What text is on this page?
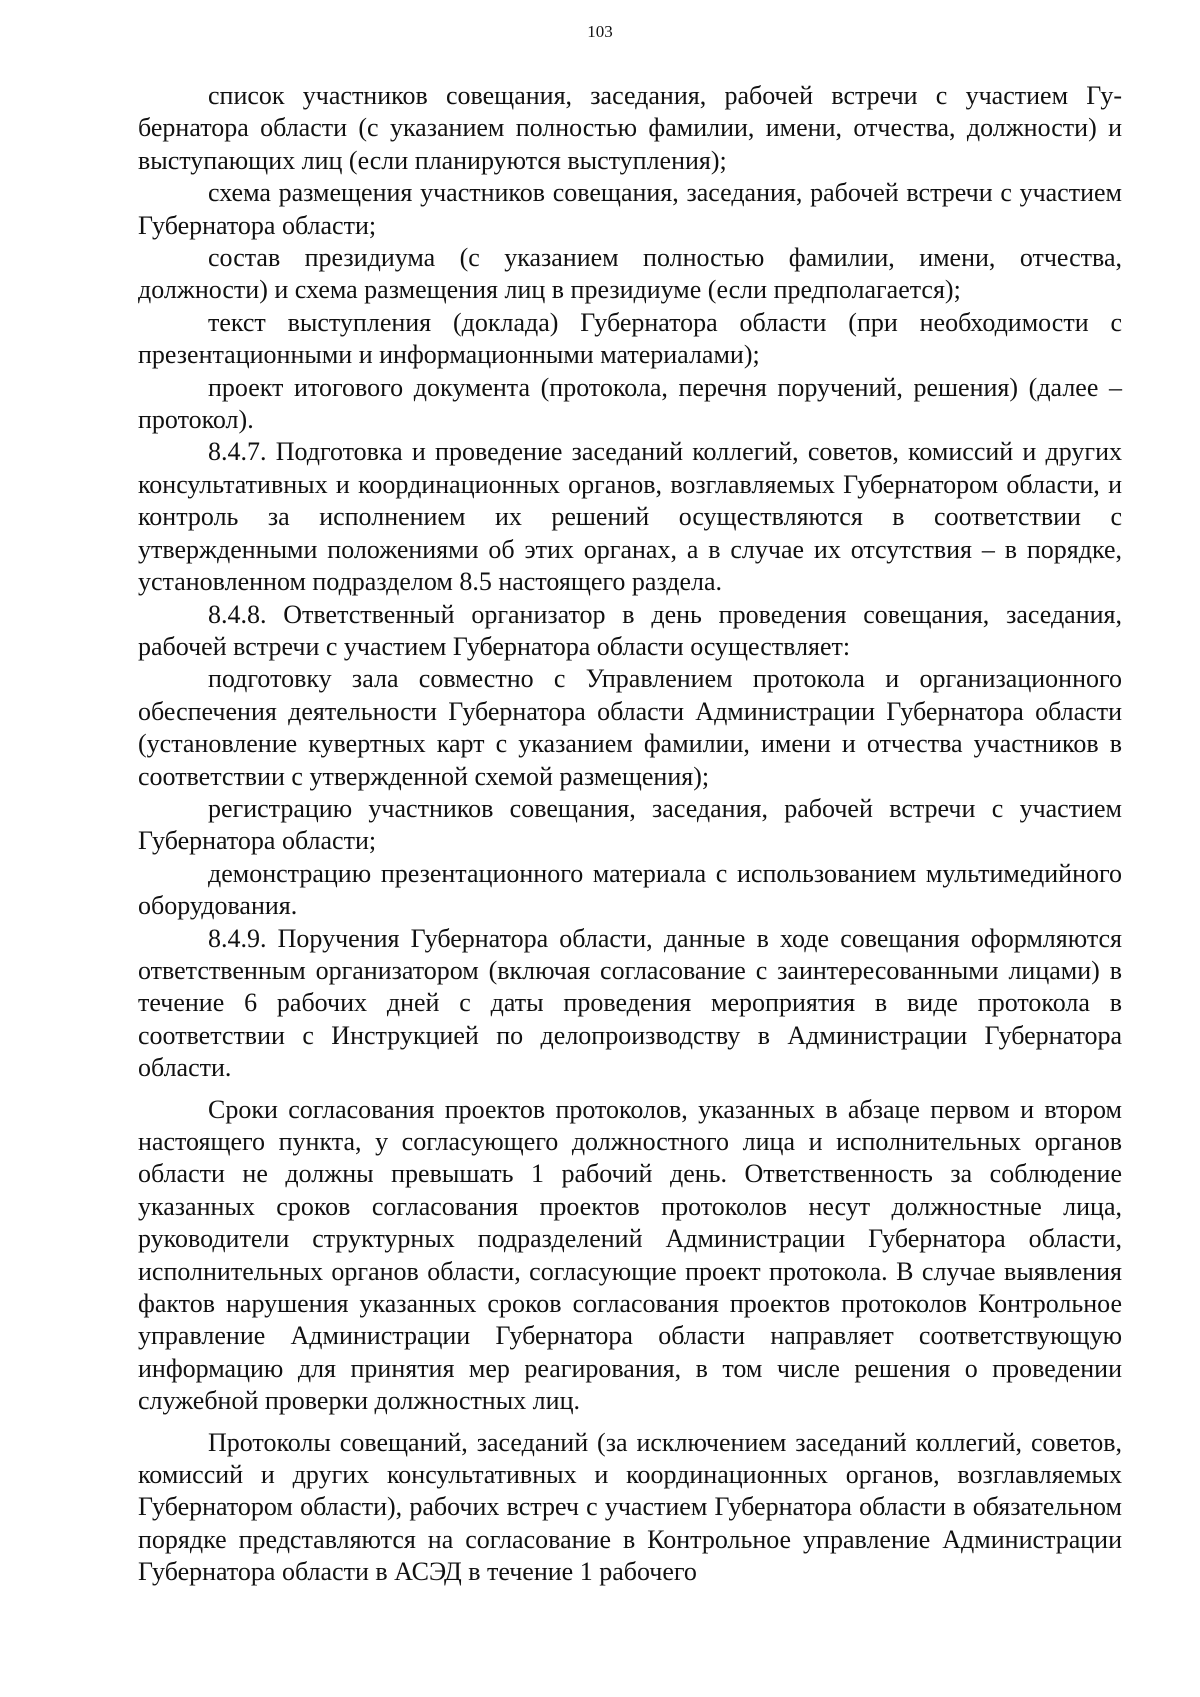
103

список участников совещания, заседания, рабочей встречи с участием Губернатора области (с указанием полностью фамилии, имени, отчества, должности) и выступающих лиц (если планируются выступления);

схема размещения участников совещания, заседания, рабочей встречи с участием Губернатора области;

состав президиума (с указанием полностью фамилии, имени, отчества, должности) и схема размещения лиц в президиуме (если предполагается);

текст выступления (доклада) Губернатора области (при необходимости с презентационными и информационными материалами);

проект итогового документа (протокола, перечня поручений, решения) (далее – протокол).

8.4.7. Подготовка и проведение заседаний коллегий, советов, комиссий и других консультативных и координационных органов, возглавляемых Губернатором области, и контроль за исполнением их решений осуществляются в соответствии с утвержденными положениями об этих органах, а в случае их отсутствия – в порядке, установленном подразделом 8.5 настоящего раздела.

8.4.8. Ответственный организатор в день проведения совещания, заседания, рабочей встречи с участием Губернатора области осуществляет:

подготовку зала совместно с Управлением протокола и организационного обеспечения деятельности Губернатора области Администрации Губернатора области (установление кувертных карт с указанием фамилии, имени и отчества участников в соответствии с утвержденной схемой размещения);

регистрацию участников совещания, заседания, рабочей встречи с участием Губернатора области;

демонстрацию презентационного материала с использованием мультимедийного оборудования.

8.4.9. Поручения Губернатора области, данные в ходе совещания оформляются ответственным организатором (включая согласование с заинтересованными лицами) в течение 6 рабочих дней с даты проведения мероприятия в виде протокола в соответствии с Инструкцией по делопроизводству в Администрации Губернатора области.

Сроки согласования проектов протоколов, указанных в абзаце первом и втором настоящего пункта, у согласующего должностного лица и исполнительных органов области не должны превышать 1 рабочий день. Ответственность за соблюдение указанных сроков согласования проектов протоколов несут должностные лица, руководители структурных подразделений Администрации Губернатора области, исполнительных органов области, согласующие проект протокола. В случае выявления фактов нарушения указанных сроков согласования проектов протоколов Контрольное управление Администрации Губернатора области направляет соответствующую информацию для принятия мер реагирования, в том числе решения о проведении служебной проверки должностных лиц.

Протоколы совещаний, заседаний (за исключением заседаний коллегий, советов, комиссий и других консультативных и координационных органов, возглавляемых Губернатором области), рабочих встреч с участием Губернатора области в обязательном порядке представляются на согласование в Контрольное управление Администрации Губернатора области в АСЭД в течение 1 рабочего
